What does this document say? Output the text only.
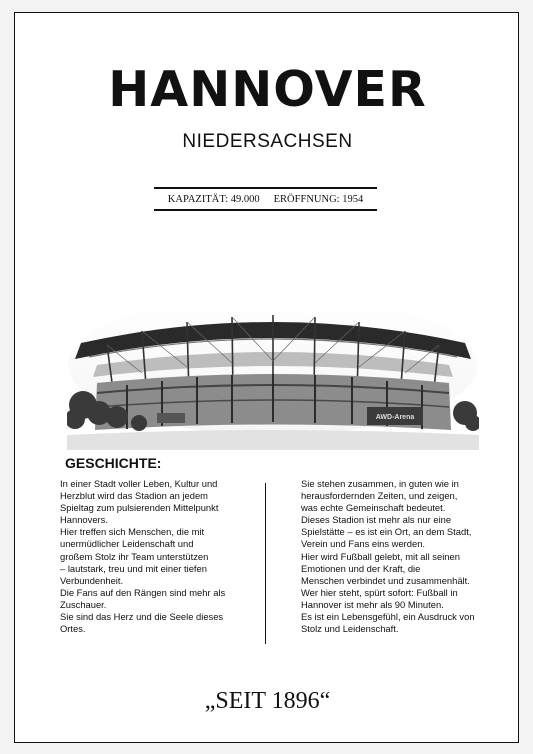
HANNOVER
NIEDERSACHSEN
KAPAZITÄT: 49.000 ERÖFFNUNG: 1954
AWD-Arena
GESCHICHTE:

In einer Stadt voller Leben, Kultur und

Herzblut wird das Stadion an jedem

Spieltag zum pulsierenden Mittelpunkt

Hannovers.

Hier treffen sich Menschen, die mit

unermüdlicher Leidenschaft und

großem Stolz ihr Team unterstützen

– lautstark, treu und mit einer tiefen

Verbundenheit.

Die Fans auf den Rängen sind mehr als

Zuschauer.

Sie sind das Herz und die Seele dieses

Ortes.

Sie stehen zusammen, in guten wie in

herausfordernden Zeiten, und zeigen,

was echte Gemeinschaft bedeutet.

Dieses Stadion ist mehr als nur eine

Spielstätte – es ist ein Ort, an dem Stadt,

Verein und Fans eins werden.

Hier wird Fußball gelebt, mit all seinen

Emotionen und der Kraft, die

Menschen verbindet und zusammenhält.

Wer hier steht, spürt sofort: Fußball in

Hannover ist mehr als 90 Minuten.

Es ist ein Lebensgefühl, ein Ausdruck von

Stolz und Leidenschaft.

„SEIT 1896“
